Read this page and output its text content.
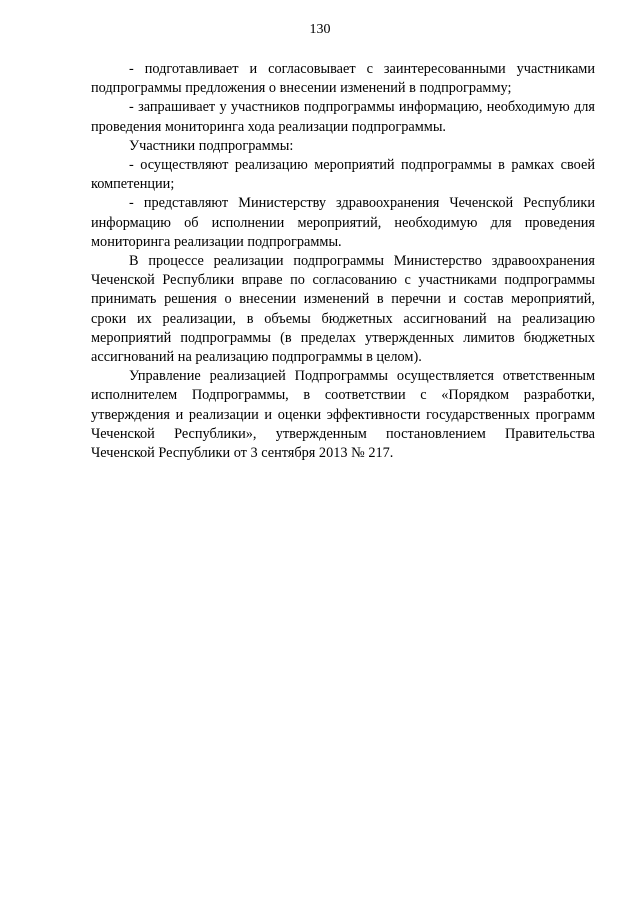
130

- подготавливает и согласовывает с заинтересованными участниками подпрограммы предложения о внесении изменений в подпрограмму;

- запрашивает у участников подпрограммы информацию, необходимую для проведения мониторинга хода реализации подпрограммы.

Участники подпрограммы:

- осуществляют реализацию мероприятий подпрограммы в рамках своей компетенции;

- представляют Министерству здравоохранения Чеченской Республики информацию об исполнении мероприятий, необходимую для проведения мониторинга реализации подпрограммы.

В процессе реализации подпрограммы Министерство здравоохранения Чеченской Республики вправе по согласованию с участниками подпрограммы принимать решения о внесении изменений в перечни и состав мероприятий, сроки их реализации, в объемы бюджетных ассигнований на реализацию мероприятий подпрограммы (в пределах утвержденных лимитов бюджетных ассигнований на реализацию подпрограммы в целом).

Управление реализацией Подпрограммы осуществляется ответственным исполнителем Подпрограммы, в соответствии с «Порядком разработки, утверждения и реализации и оценки эффективности государственных программ Чеченской Республики», утвержденным постановлением Правительства Чеченской Республики от 3 сентября 2013 № 217.
